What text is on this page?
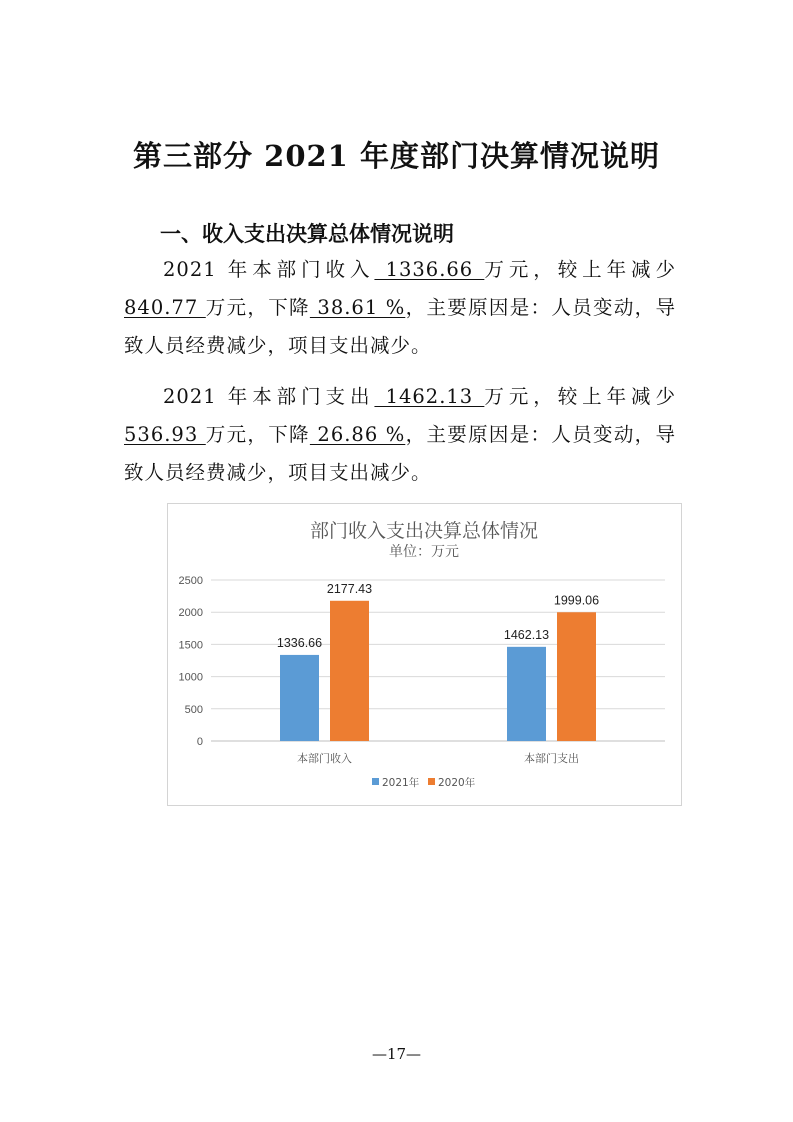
第三部分 2021 年度部门决算情况说明
一、收入支出决算总体情况说明
2021 年本部门收入 1336.66 万元，较上年减少 840.77 万元，下降 38.61 %，主要原因是：人员变动，导致人员经费减少，项目支出减少。
2021 年本部门支出 1462.13 万元，较上年减少 536.93 万元，下降 26.86 %，主要原因是：人员变动，导致人员经费减少，项目支出减少。
部门收入支出决算总体情况
单位：万元
0
500
1000
1500
2000
2500
1336.66
2177.43
本部门收入
1462.13
1999.06
本部门支出
2021年 2020年
—17—
